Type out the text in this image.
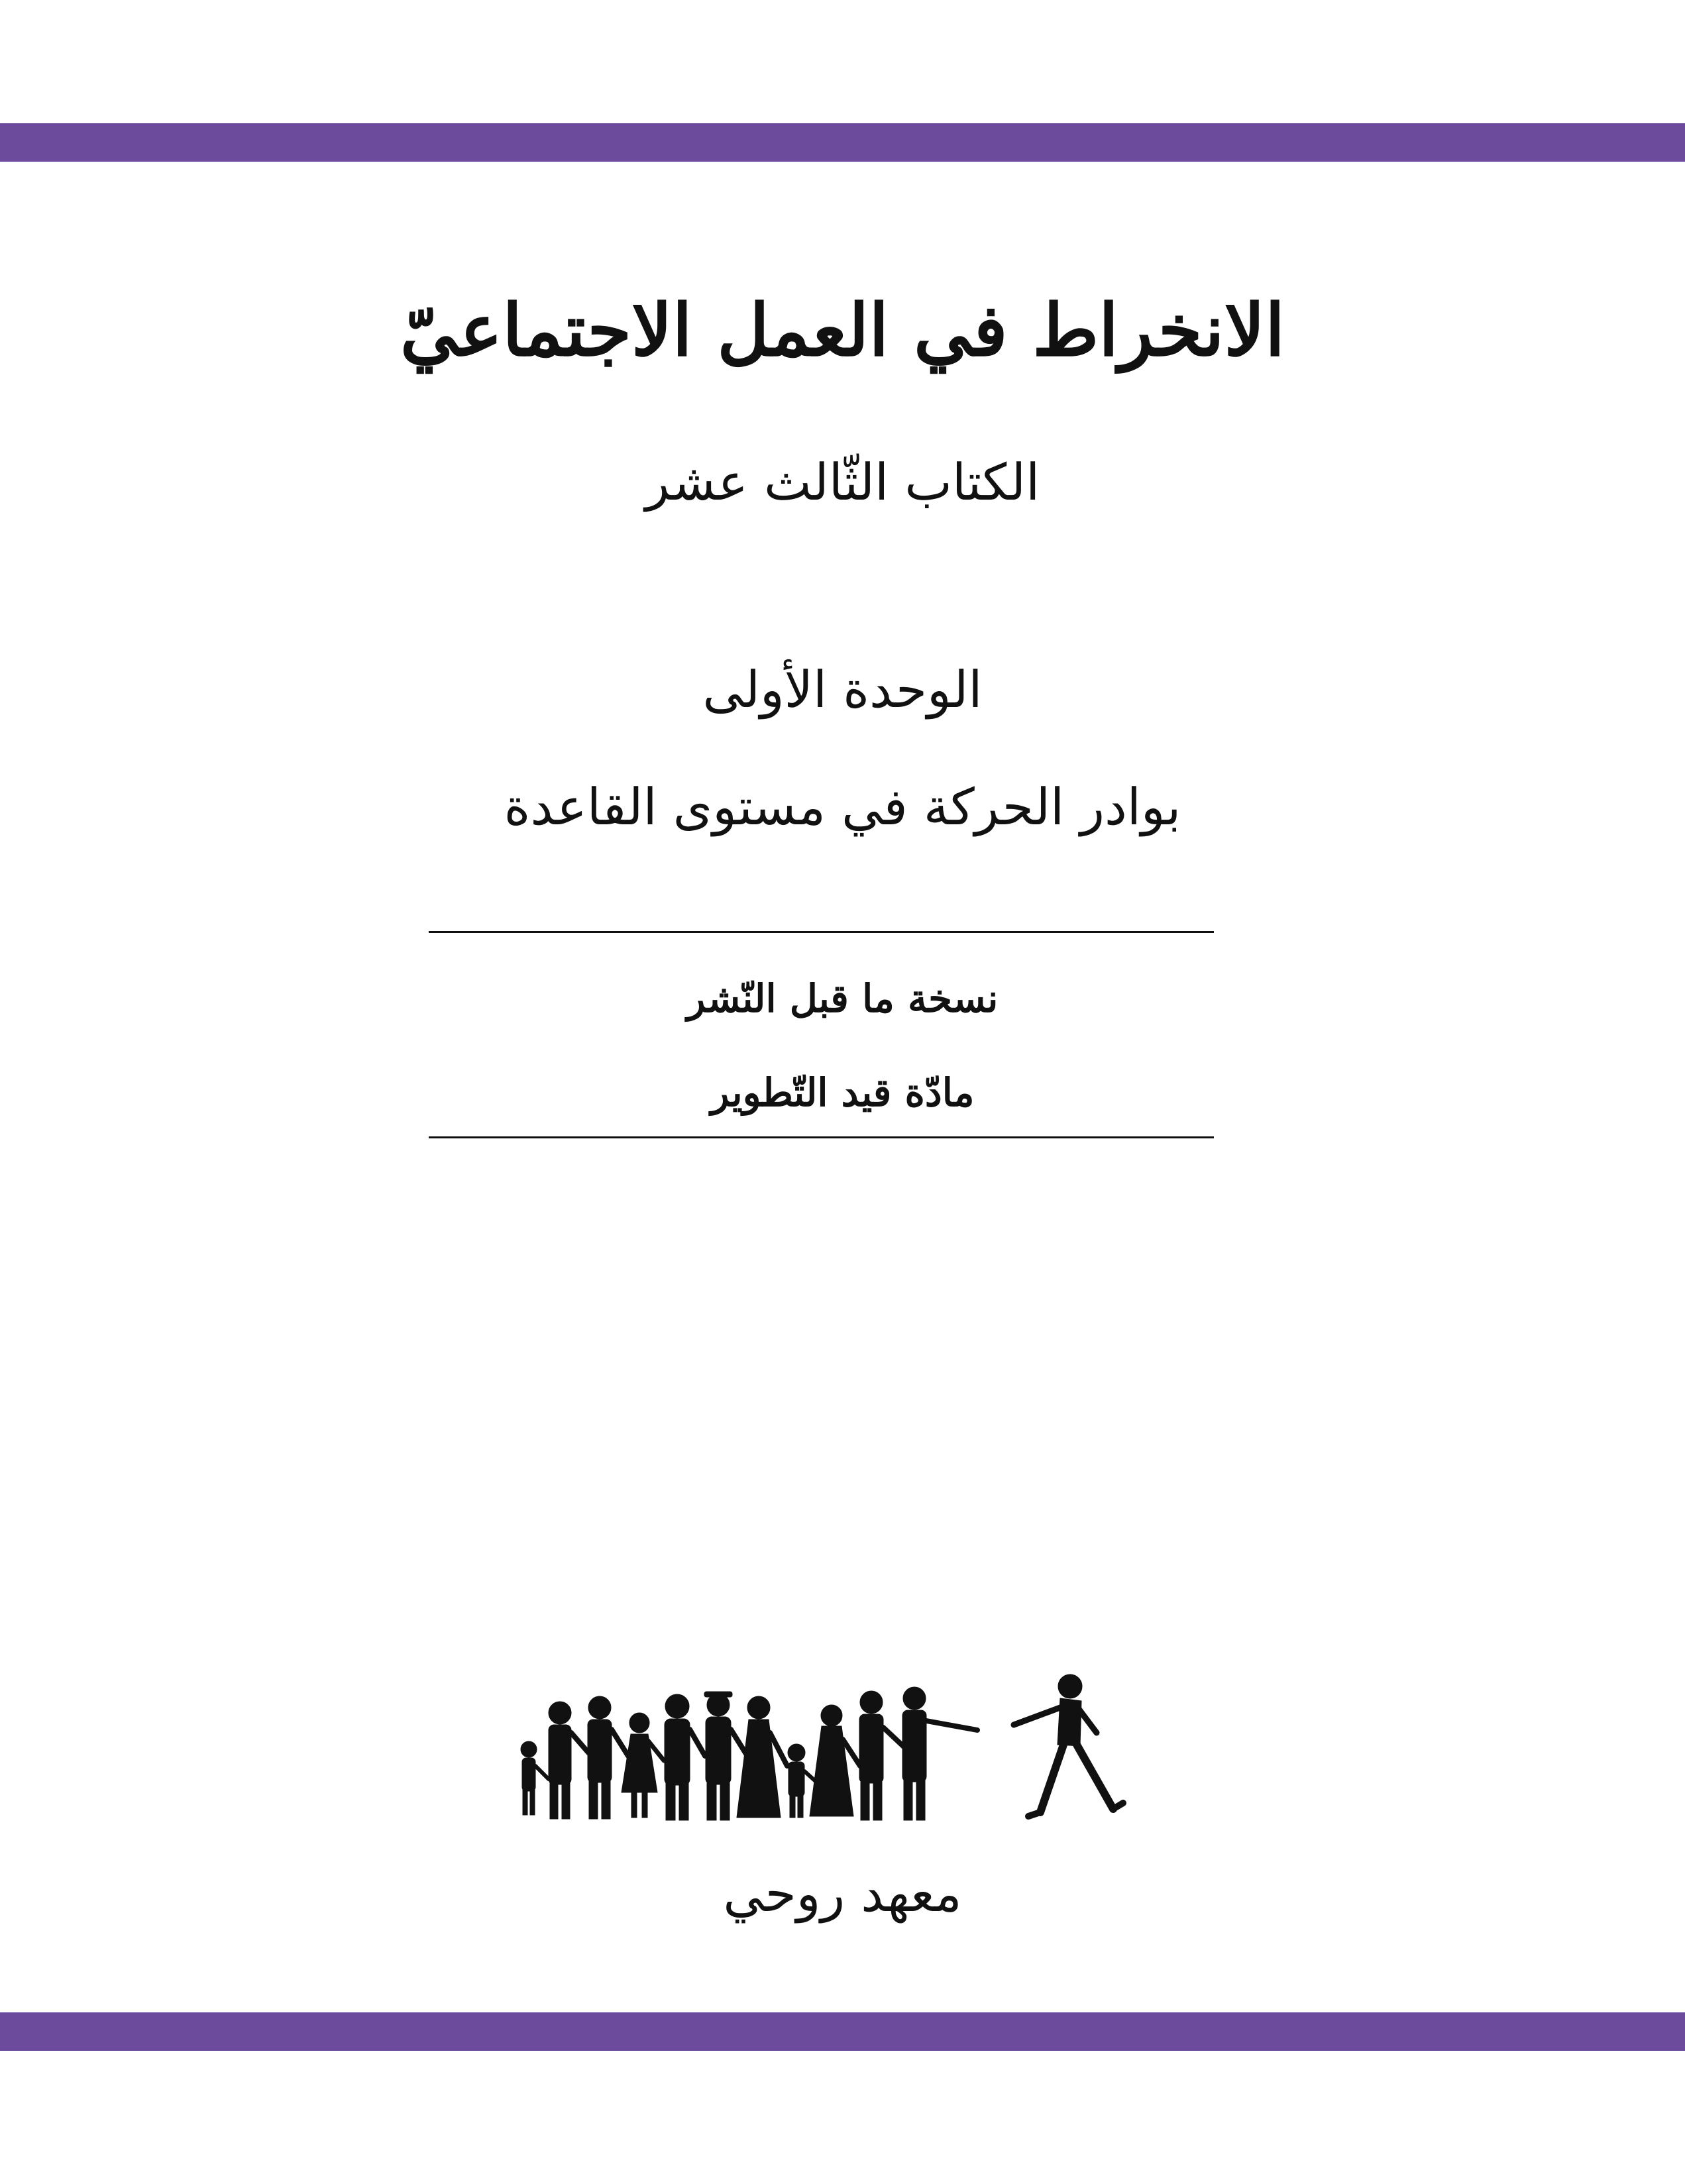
الانخراط في العمل الاجتماعيّ
الكتاب الثّالث عشر
الوحدة الأولى
بوادر الحركة في مستوى القاعدة
نسخة ما قبل النّشر
مادّة قيد التّطوير
معهد روحي
